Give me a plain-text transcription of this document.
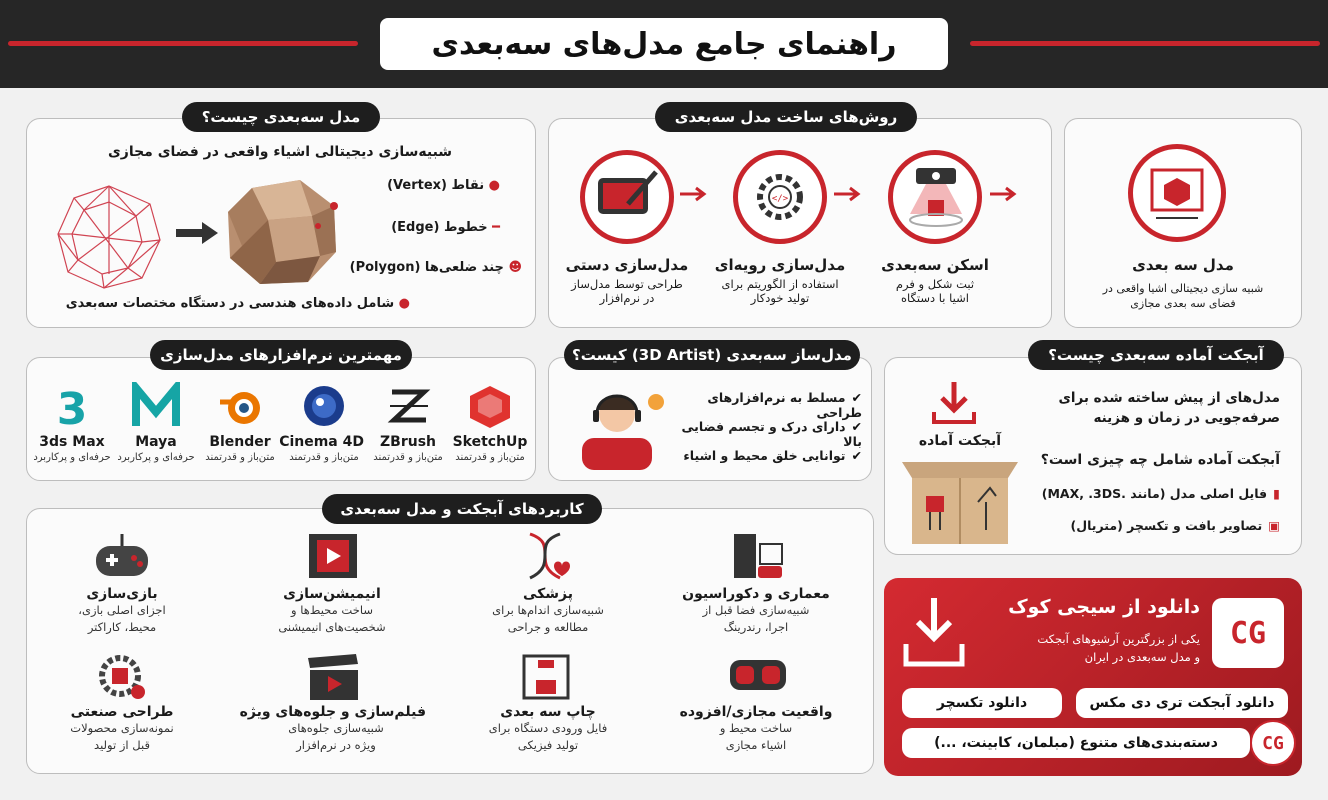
راهنمای جامع مدل‌های سه‌بعدی
مدل سه‌بعدی چیست؟
شبیه‌سازی دیجیتالی اشیاء واقعی در فضای مجازی
● نقاط (Vertex)
━ خطوط (Edge)
☻ چند ضلعی‌ها (Polygon)
● شامل داده‌های هندسی در دستگاه مختصات سه‌بعدی
روش‌های ساخت مدل سه‌بعدی
</>
مدل‌سازی دستی
طراحی توسط مدل‌ساز
در نرم‌افزار
مدل‌سازی رویه‌ای
استفاده از الگوریتم برای
تولید خودکار
اسکن سه‌بعدی
ثبت شکل و فرم
اشیا با دستگاه
مدل سه بعدی
شبیه سازی دیجیتالی اشیا واقعی در
فضای سه بعدی مجازی
مهمترین نرم‌افزارهای مدل‌سازی
SketchUp
متن‌باز و قدرتمند
ZBrush
متن‌باز و قدرتمند
Cinema 4D
متن‌باز و قدرتمند
Blender
متن‌باز و قدرتمند
Maya
حرفه‌ای و پرکاربرد
3
3ds Max
حرفه‌ای و پرکاربرد
مدل‌ساز سه‌بعدی (3D Artist) کیست؟
✔مسلط به نرم‌افزارهای طراحی
✔دارای درک و تجسم فضایی بالا
✔توانایی خلق محیط و اشیاء
آبجکت آماده سه‌بعدی چیست؟
آبجکت آماده
مدل‌های از پیش ساخته شده برای
صرفه‌جویی در زمان و هزینه
آبجکت آماده شامل چه چیزی است؟
▮فایل اصلی مدل (مانند .MAX, .3DS)
▣تصاویر بافت و تکسچر (متریال)
کاربردهای آبجکت و مدل سه‌بعدی
معماری و دکوراسیون
شبیه‌سازی فضا قبل از
اجرا، رندرینگ
پزشکی
شبیه‌سازی اندام‌ها برای
مطالعه و جراحی
انیمیشن‌سازی
ساخت محیط‌ها و
شخصیت‌های انیمیشنی
بازی‌سازی
اجزای اصلی بازی،
محیط، کاراکتر
واقعیت مجازی/افزوده
ساخت محیط و
اشیاء مجازی
چاپ سه بعدی
فایل ورودی دستگاه برای
تولید فیزیکی
فیلم‌سازی و جلوه‌های ویژه
شبیه‌سازی جلوه‌های
ویژه در نرم‌افزار
طراحی صنعتی
نمونه‌سازی محصولات
قبل از تولید
دانلود از سیجی کوک
یکی از بزرگترین آرشیوهای آبجکت
و مدل سه‌بعدی در ایران
CG
دانلود آبجکت تری دی مکس
دانلود تکسچر
دسته‌بندی‌های متنوع (مبلمان، کابینت، ...)	CG
